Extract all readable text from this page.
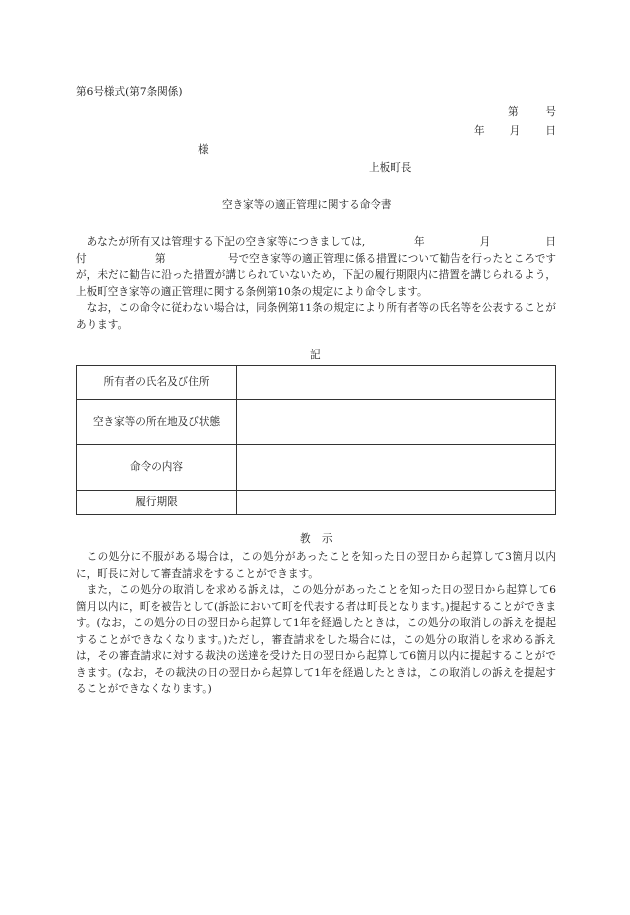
第6号様式(第7条関係)
第	号
年 月 日
様
上板町長
空き家等の適正管理に関する命令書
あなたが所有又は管理する下記の空き家等につきましては,	年	月	日
付	第	号で空き家等の適正管理に係る措置について勧告を行ったところです

が，未だに勧告に沿った措置が講じられていないため，下記の履行期限内に措置を講じられるよう，上板町空き家等の適正管理に関する条例第10条の規定により命令します。

なお，この命令に従わない場合は，同条例第11条の規定により所有者等の氏名等を公表することがあります。

記
所有者の氏名及び住所	
空き家等の所在地及び状態	
命令の内容	
履行期限	
教 示

この処分に不服がある場合は，この処分があったことを知った日の翌日から起算して3箇月以内に，町長に対して審査請求をすることができます。

また，この処分の取消しを求める訴えは，この処分があったことを知った日の翌日から起算して6箇月以内に，町を被告として(訴訟において町を代表する者は町長となります。)提起することができます。(なお，この処分の日の翌日から起算して1年を経過したときは，この処分の取消しの訴えを提起することができなくなります。)ただし，審査請求をした場合には，この処分の取消しを求める訴えは，その審査請求に対する裁決の送達を受けた日の翌日から起算して6箇月以内に提起することができます。(なお，その裁決の日の翌日から起算して1年を経過したときは，この取消しの訴えを提起することができなくなります。)
